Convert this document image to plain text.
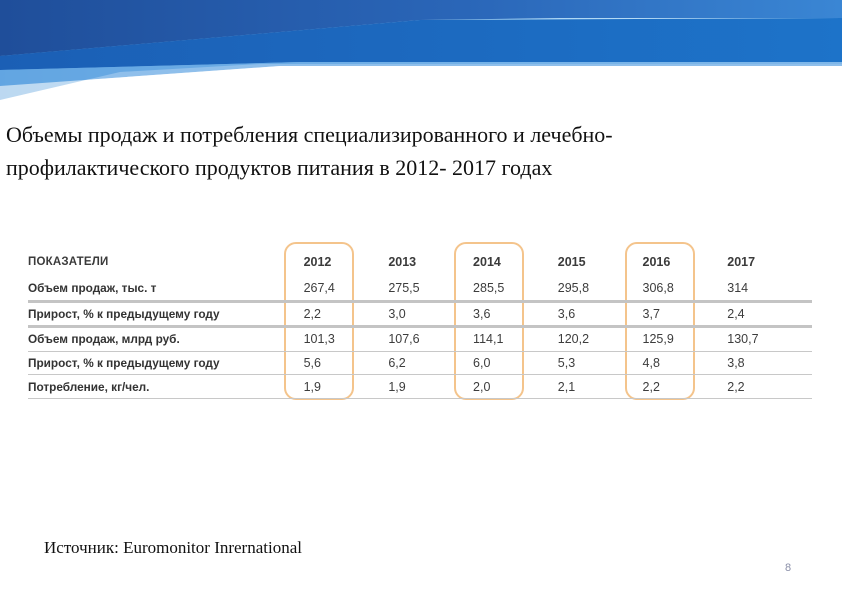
Объемы продаж и потребления специализированного и лечебно-
профилактического продуктов питания в 2012- 2017 годах
ПОКАЗАТЕЛИ	2012	2013	2014	2015	2016	2017
Объем продаж, тыс. т	267,4	275,5	285,5	295,8	306,8	314
Прирост, % к предыдущему году	2,2	3,0	3,6	3,6	3,7	2,4
Объем продаж, млрд руб.	101,3	107,6	114,1	120,2	125,9	130,7
Прирост, % к предыдущему году	5,6	6,2	6,0	5,3	4,8	3,8
Потребление, кг/чел.	1,9	1,9	2,0	2,1	2,2	2,2
Источник: Euromonitor Inrernational
8
